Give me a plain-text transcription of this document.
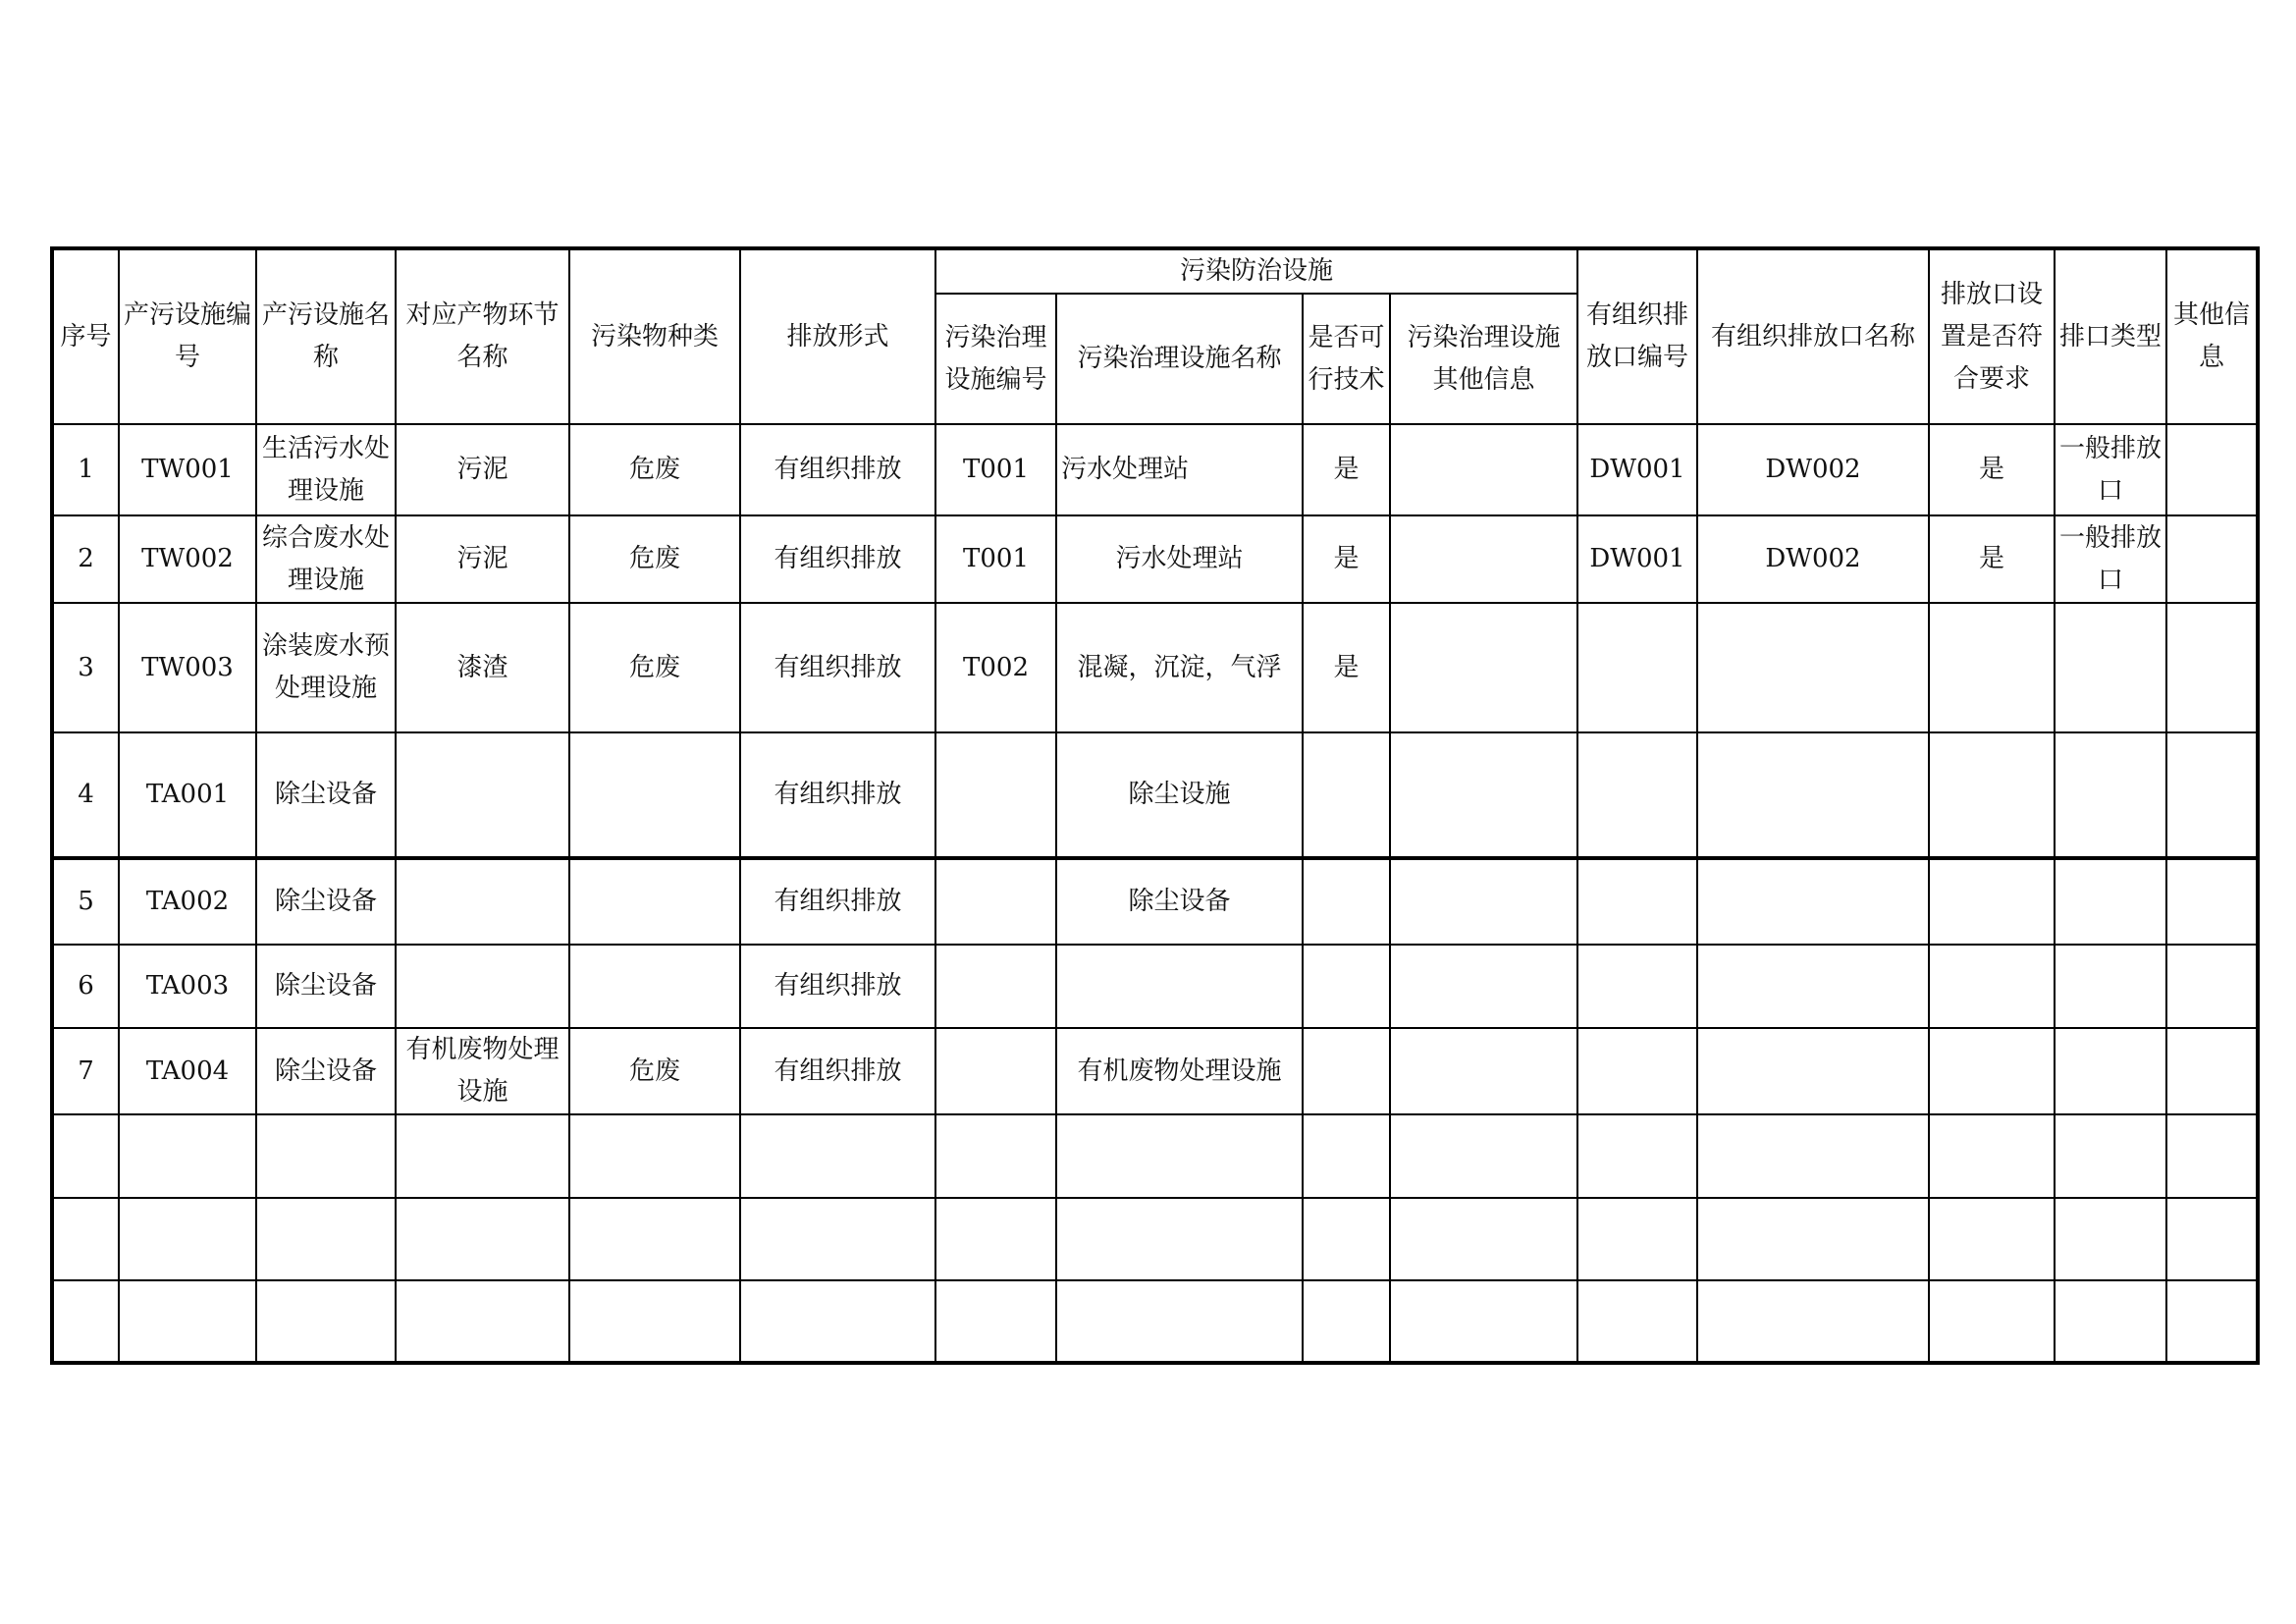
序号	产污设施编号	产污设施名称	对应产物环节名称	污染物种类	排放形式	污染防治设施				有组织排放口编号	有组织排放口名称	排放口设置是否符合要求	排口类型	其他信息
						污染治理设施编号	污染治理设施名称	是否可行技术	污染治理设施其他信息					
1	TW001	生活污水处理设施	污泥	危废	有组织排放	T001	污水处理站	是		DW001	DW002	是	一般排放口	
2	TW002	综合废水处理设施	污泥	危废	有组织排放	T001	污水处理站	是		DW001	DW002	是	一般排放口	
3	TW003	涂装废水预处理设施	漆渣	危废	有组织排放	T002	混凝，沉淀，气浮	是						
4	TA001	除尘设备			有组织排放		除尘设施							
5	TA002	除尘设备			有组织排放		除尘设备							
6	TA003	除尘设备			有组织排放									
7	TA004	除尘设备	有机废物处理设施	危废	有组织排放		有机废物处理设施							
